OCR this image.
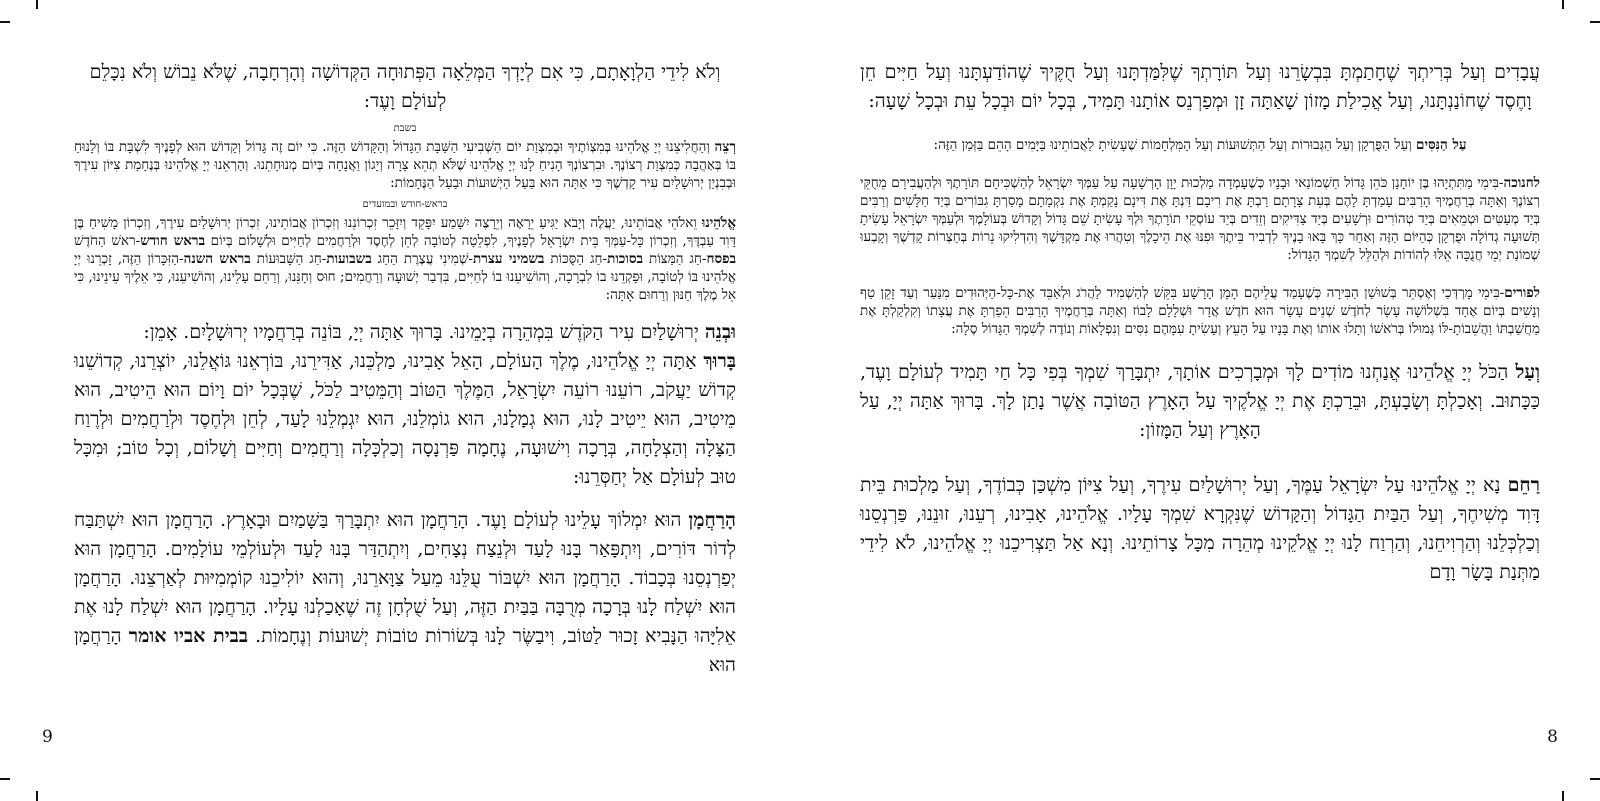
וְלֹא לִידֵי הַלְוָאָתָם, כִּי אִם לְיָדְךָ הַמְּלֵאָה הַפְּתוּחָה הַקְּדוֹשָׁה וְהָרְחָבָה, שֶׁלֹּא נֵבוֹשׁ וְלֹא נִכָּלֵם לְעוֹלָם וָעֶד:

בשבת

רְצֵה וְהַחֲלִיצֵנוּ יְיָ אֱלֹהֵינוּ בְּמִצְוֹתֶיךָ וּבְמִצְוַת יוֹם הַשְּׁבִיעִי הַשַּׁבָּת הַגָּדוֹל וְהַקָּדוֹשׁ הַזֶּה. כִּי יוֹם זֶה גָּדוֹל וְקָדוֹשׁ הוּא לְפָנֶיךָ לִשְׁבָּת בּוֹ וְלָנוּחַ בּוֹ בְּאַהֲבָה כְּמִצְוַת רְצוֹנֶךָ. וּבִרְצוֹנְךָ הָנִיחַ לָנוּ יְיָ אֱלֹהֵינוּ שֶׁלֹּא תְהֵא צָרָה וְיָגוֹן וַאֲנָחָה בְּיוֹם מְנוּחָתֵנוּ. וְהַרְאֵנוּ יְיָ אֱלֹהֵינוּ בְּנֶחָמַת צִיּוֹן עִירֶךָ וּבְבִנְיַן יְרוּשָׁלַיִם עִיר קָדְשֶׁךָ כִּי אַתָּה הוּא בַּעַל הַיְשׁוּעוֹת וּבַעַל הַנֶּחָמוֹת:

בראש-חודש ובמועדים

אֱלֹהֵינוּ וֵאלֹהֵי אֲבוֹתֵינוּ, יַעֲלֶה וְיָבֹא יַגִּיעַ יֵרָאֶה וְיֵרָצֶה יִשָּׁמַע יִפָּקֵד וְיִזָּכֵר זִכְרוֹנֵנוּ וְזִכְרוֹן אֲבוֹתֵינוּ, זִכְרוֹן יְרוּשָׁלַיִם עִירֶךָ, וְזִכְרוֹן מָשִׁיחַ בֶּן דָּוִד עַבְדֶּךָ, וְזִכְרוֹן כָּל-עַמְּךָ בֵּית יִשְׂרָאֵל לְפָנֶיךָ, לִפְלֵטָה לְטוֹבָה לְחֵן לְחֶסֶד וּלְרַחֲמִים לְחַיִּים וּלְשָׁלוֹם בְּיוֹם בראש חודש-ראשׁ הַחֹדֶשׁ בפסח-חַג הַמַּצּוֹת בסוכות-חַג הַסֻּכּוֹת בשמיני עצרת-שְׁמִינִי עֲצֶרֶת הַחַג בשבועות-חַג הַשָּׁבוּעוֹת בראש השנה-הַזִּכָּרוֹן הַזֶּה, זָכְרֵנוּ יְיָ אֱלֹהֵינוּ בּוֹ לְטוֹבָה, וּפָקְדֵנוּ בוֹ לִבְרָכָה, וְהוֹשִׁיעֵנוּ בוֹ לְחַיִּים, בִּדְבַר יְשׁוּעָה וְרַחֲמִים; חוּס וְחָנֵּנוּ, וְרַחֵם עָלֵינוּ, וְהוֹשִׁיעֵנוּ, כִּי אֵלֶיךָ עֵינֵינוּ, כִּי אֵל מֶלֶךְ חַנּוּן וְרַחוּם אָתָּה:

וּבְנֵה יְרוּשָׁלַיִם עִיר הַקֹּדֶשׁ בִּמְהֵרָה בְיָמֵינוּ. בָּרוּךְ אַתָּה יְיָ, בּוֹנֵה בְרַחֲמָיו יְרוּשָׁלָיִם. אָמֵן:

בָּרוּךְ אַתָּה יְיָ אֱלֹהֵינוּ, מֶלֶךְ הָעוֹלָם, הָאֵל אָבִינוּ, מַלְכֵּנוּ, אַדִּירֵנוּ, בּוֹרְאֵנוּ גּוֹאֲלֵנוּ, יוֹצְרֵנוּ, קְדוֹשֵׁנוּ קְדוֹשׁ יַעֲקֹב, רוֹעֵנוּ רוֹעֵה יִשְׂרָאֵל, הַמֶּלֶךְ הַטּוֹב וְהַמֵּטִיב לַכֹּל, שֶׁבְּכָל יוֹם וָיוֹם הוּא הֵיטִיב, הוּא מֵיטִיב, הוּא יֵיטִיב לָנוּ, הוּא גְמָלָנוּ, הוּא גוֹמְלֵנוּ, הוּא יִגְמְלֵנוּ לָעַד, לְחֵן וּלְחֶסֶד וּלְרַחֲמִים וּלְרֶוַח הַצָּלָה וְהַצְלָחָה, בְּרָכָה וִישׁוּעָה, נֶחָמָה פַּרְנָסָה וְכַלְכָּלָה וְרַחֲמִים וְחַיִּים וְשָׁלוֹם, וְכָל טוֹב; וּמִכָּל טוּב לְעוֹלָם אַל יְחַסְּרֵנוּ:

הָרַחֲמָן הוּא יִמְלוֹךְ עָלֵינוּ לְעוֹלָם וָעֶד. הָרַחֲמָן הוּא יִתְבָּרַךְ בַּשָּׁמַיִם וּבָאָרֶץ. הָרַחֲמָן הוּא יִשְׁתַּבַּח לְדוֹר דּוֹרִים, וְיִתְפָּאַר בָּנוּ לָעַד וּלְנֵצַח נְצָחִים, וְיִתְהַדַּר בָּנוּ לָעַד וּלְעוֹלְמֵי עוֹלָמִים. הָרַחֲמָן הוּא יְפַרְנְסֵנוּ בְּכָבוֹד. הָרַחֲמָן הוּא יִשְׁבּוֹר עֻלֵּנוּ מֵעַל צַוָּארֵנוּ, וְהוּא יוֹלִיכֵנוּ קוֹמְמִיּוּת לְאַרְצֵנוּ. הָרַחֲמָן הוּא יִשְׁלַח לָנוּ בְּרָכָה מְרֻבָּה בַּבַּיִת הַזֶּה, וְעַל שֻׁלְחָן זֶה שֶׁאָכַלְנוּ עָלָיו. הָרַחֲמָן הוּא יִשְׁלַח לָנוּ אֶת אֵלִיָּהוּ הַנָּבִיא זָכוּר לַטּוֹב, וִיבַשֶּׂר לָנוּ בְּשׂוֹרוֹת טוֹבוֹת יְשׁוּעוֹת וְנֶחָמוֹת. בבית אביו אומר הָרַחֲמָן הוּא

9

עֲבָדִים וְעַל בְּרִיתְךָ שֶׁחָתַמְתָּ בִּבְשָׂרֵנוּ וְעַל תּוֹרָתְךָ שֶׁלִּמַּדְתָּנוּ וְעַל חֻקֶּיךָ שֶׁהוֹדַעְתָּנוּ וְעַל חַיִּים חֵן וָחֶסֶד שֶׁחוֹנַנְתָּנוּ, וְעַל אֲכִילַת מָזוֹן שָׁאַתָּה זָן וּמְפַרְנֵס אוֹתָנוּ תָּמִיד, בְּכָל יוֹם וּבְכָל עֵת וּבְכָל שָׁעָה:

עַל הַנִּסִּים וְעַל הַפֻּרְקָן וְעַל הַגְּבוּרוֹת וְעַל הַתְּשׁוּעוֹת וְעַל הַמִּלְחָמוֹת שֶׁעָשִׂיתָ לַאֲבוֹתֵינוּ בַּיָּמִים הָהֵם בַּזְּמַן הַזֶּה:

לחנוכה-בִּימֵי מַתִּתְיָהוּ בֶּן יוֹחָנָן כֹּהֵן גָּדוֹל חַשְׁמוֹנַאי וּבָנָיו כְּשֶׁעָמְדָה מַלְכוּת יָוָן הָרְשָׁעָה עַל עַמְּךָ יִשְׂרָאֵל לְהַשְׁכִּיחָם תּוֹרָתֶךָ וּלְהַעֲבִירָם מֵחֻקֵּי רְצוֹנֶךָ וְאַתָּה בְּרַחֲמֶיךָ הָרַבִּים עָמַדְתָּ לָהֶם בְּעֵת צָרָתָם רַבְתָּ אֶת רִיבָם דַּנְתָּ אֶת דִּינָם נָקַמְתָּ אֶת נִקְמָתָם מָסַרְתָּ גִבּוֹרִים בְּיַד חַלָּשִׁים וְרַבִּים בְּיַד מְעַטִּים וּטְמֵאִים בְּיַד טְהוֹרִים וּרְשָׁעִים בְּיַד צַדִּיקִים וְזֵדִים בְּיַד עוֹסְקֵי תוֹרָתֶךָ וּלְךָ עָשִׂיתָ שֵׁם גָּדוֹל וְקָדוֹשׁ בְּעוֹלָמֶךָ וּלְעַמְּךָ יִשְׂרָאֵל עָשִׂיתָ תְּשׁוּעָה גְדוֹלָה וּפֻרְקָן כְּהַיּוֹם הַזֶּה וְאַחַר כָּךְ בָּאוּ בָנֶיךָ לִדְבִיר בֵּיתֶךָ וּפִנּוּ אֶת הֵיכָלֶךָ וְטִהֲרוּ אֶת מִקְדָּשֶׁךָ וְהִדְלִיקוּ נֵרוֹת בְּחַצְרוֹת קָדְשֶׁךָ וְקָבְעוּ שְׁמוֹנַת יְמֵי חֲנֻכָּה אֵלּוּ לְהוֹדוֹת וּלְהַלֵּל לְשִׁמְךָ הַגָּדוֹל:

לפורים-בִּימֵי מָרְדְּכַי וְאֶסְתֵּר בְּשׁוּשַׁן הַבִּירָה כְּשֶׁעָמַד עֲלֵיהֶם הָמָן הָרָשָׁע בִּקֵּשׁ לְהַשְׁמִיד לַהֲרֹג וּלְאַבֵּד אֶת-כָּל-הַיְּהוּדִים מִנַּעַר וְעַד זָקֵן טַף וְנָשִׁים בְּיוֹם אֶחָד בִּשְׁלוֹשָׁה עָשָׂר לְחֹדֶשׁ שְׁנֵים עָשָׂר הוּא חֹדֶשׁ אֲדָר וּשְׁלָלָם לָבוֹז וְאַתָּה בְּרַחֲמֶיךָ הָרַבִּים הֵפַרְתָּ אֶת עֲצָתוֹ וְקִלְקַלְתָּ אֶת מַחֲשַׁבְתּוֹ וַהֲשֵׁבוֹתָ-לּוֹ גְּמוּלוֹ בְּרֹאשׁוֹ וְתָלוּ אוֹתוֹ וְאֶת בָּנָיו עַל הָעֵץ וְעָשִׂיתָ עִמָּהֶם נִסִּים וְנִפְלָאוֹת וְנוֹדֶה לְשִׁמְךָ הַגָּדוֹל סֶלָה:

וְעַל הַכֹּל יְיָ אֱלֹהֵינוּ אֲנַחְנוּ מוֹדִים לָךְ וּמְבָרְכִים אוֹתָךְ, יִתְבָּרַךְ שִׁמְךָ בְּפִי כָּל חַי תָּמִיד לְעוֹלָם וָעֶד, כַּכָּתוּב. וְאָכַלְתָּ וְשָׂבָעְתָּ, וּבֵרַכְתָּ אֶת יְיָ אֱלֹקֶיךָ עַל הָאָרֶץ הַטּוֹבָה אֲשֶׁר נָתַן לָךְ. בָּרוּךְ אַתָּה יְיָ, עַל הָאָרֶץ וְעַל הַמָּזוֹן:

רַחֵם נָא יְיָ אֱלֹהֵינוּ עַל יִשְׂרָאֵל עַמֶּךָ, וְעַל יְרוּשָׁלַיִם עִירֶךָ, וְעַל צִיּוֹן מִשְׁכַּן כְּבוֹדֶךָ, וְעַל מַלְכוּת בֵּית דָּוִד מְשִׁיחֶךָ, וְעַל הַבַּיִת הַגָּדוֹל וְהַקָּדוֹשׁ שֶׁנִּקְרָא שִׁמְךָ עָלָיו. אֱלֹהֵינוּ, אָבִינוּ, רְעֵנוּ, זוּנֵנוּ, פַּרְנְסֵנוּ וְכַלְכְּלֵנוּ וְהַרְוִיחֵנוּ, וְהַרְוַח לָנוּ יְיָ אֱלֹקֵינוּ מְהֵרָה מִכָּל צָרוֹתֵינוּ. וְנָא אַל תַּצְרִיכֵנוּ יְיָ אֱלֹהֵינוּ, לֹא לִידֵי מַתְּנַת בָּשָׂר וָדָם

8
